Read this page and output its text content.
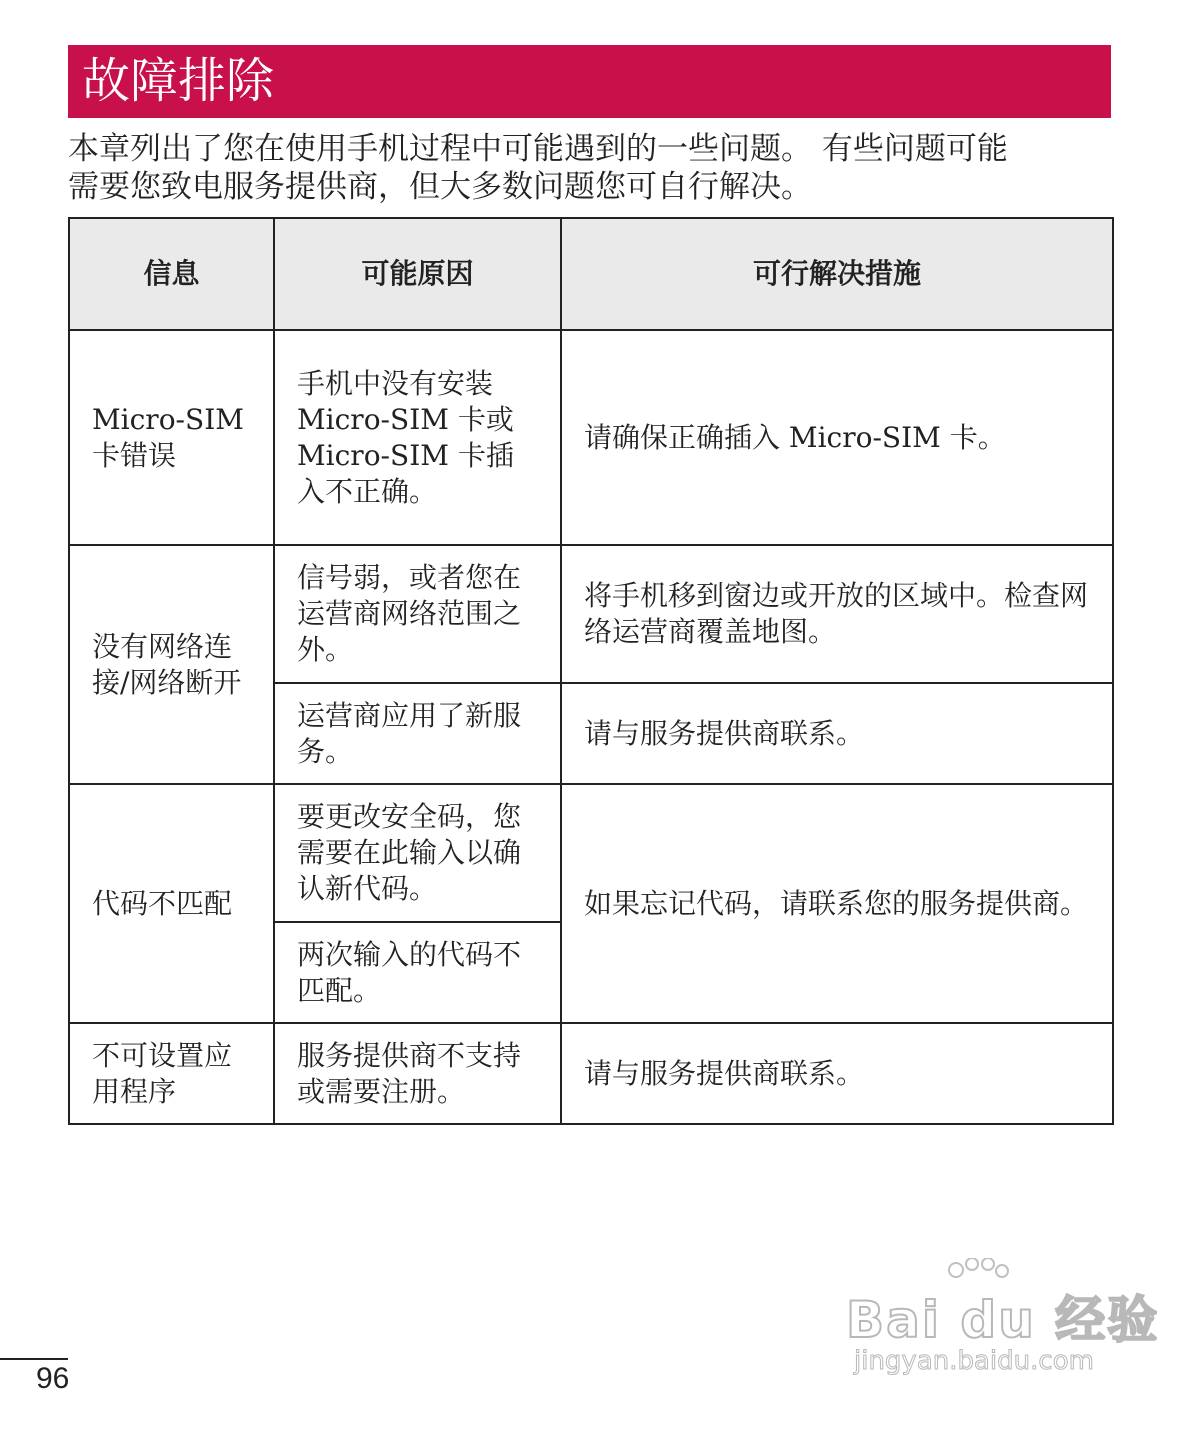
故障排除
本章列出了您在使用手机过程中可能遇到的一些问题。 有些问题可能
需要您致电服务提供商，但大多数问题您可自行解决。
信息	可能原因	可行解决措施
Micro-SIM 卡错误	手机中没有安装 Micro-SIM 卡或 Micro-SIM 卡插入不正确。	请确保正确插入 Micro-SIM 卡。
没有网络连接/网络断开	信号弱，或者您在运营商网络范围之外。	将手机移到窗边或开放的区域中。检查网络运营商覆盖地图。
	运营商应用了新服务。	请与服务提供商联系。
代码不匹配	要更改安全码，您需要在此输入以确认新代码。	如果忘记代码，请联系您的服务提供商。
	两次输入的代码不匹配。	
不可设置应用程序	服务提供商不支持或需要注册。	请与服务提供商联系。
Bai du 经验
jingyan.baidu.com
96
